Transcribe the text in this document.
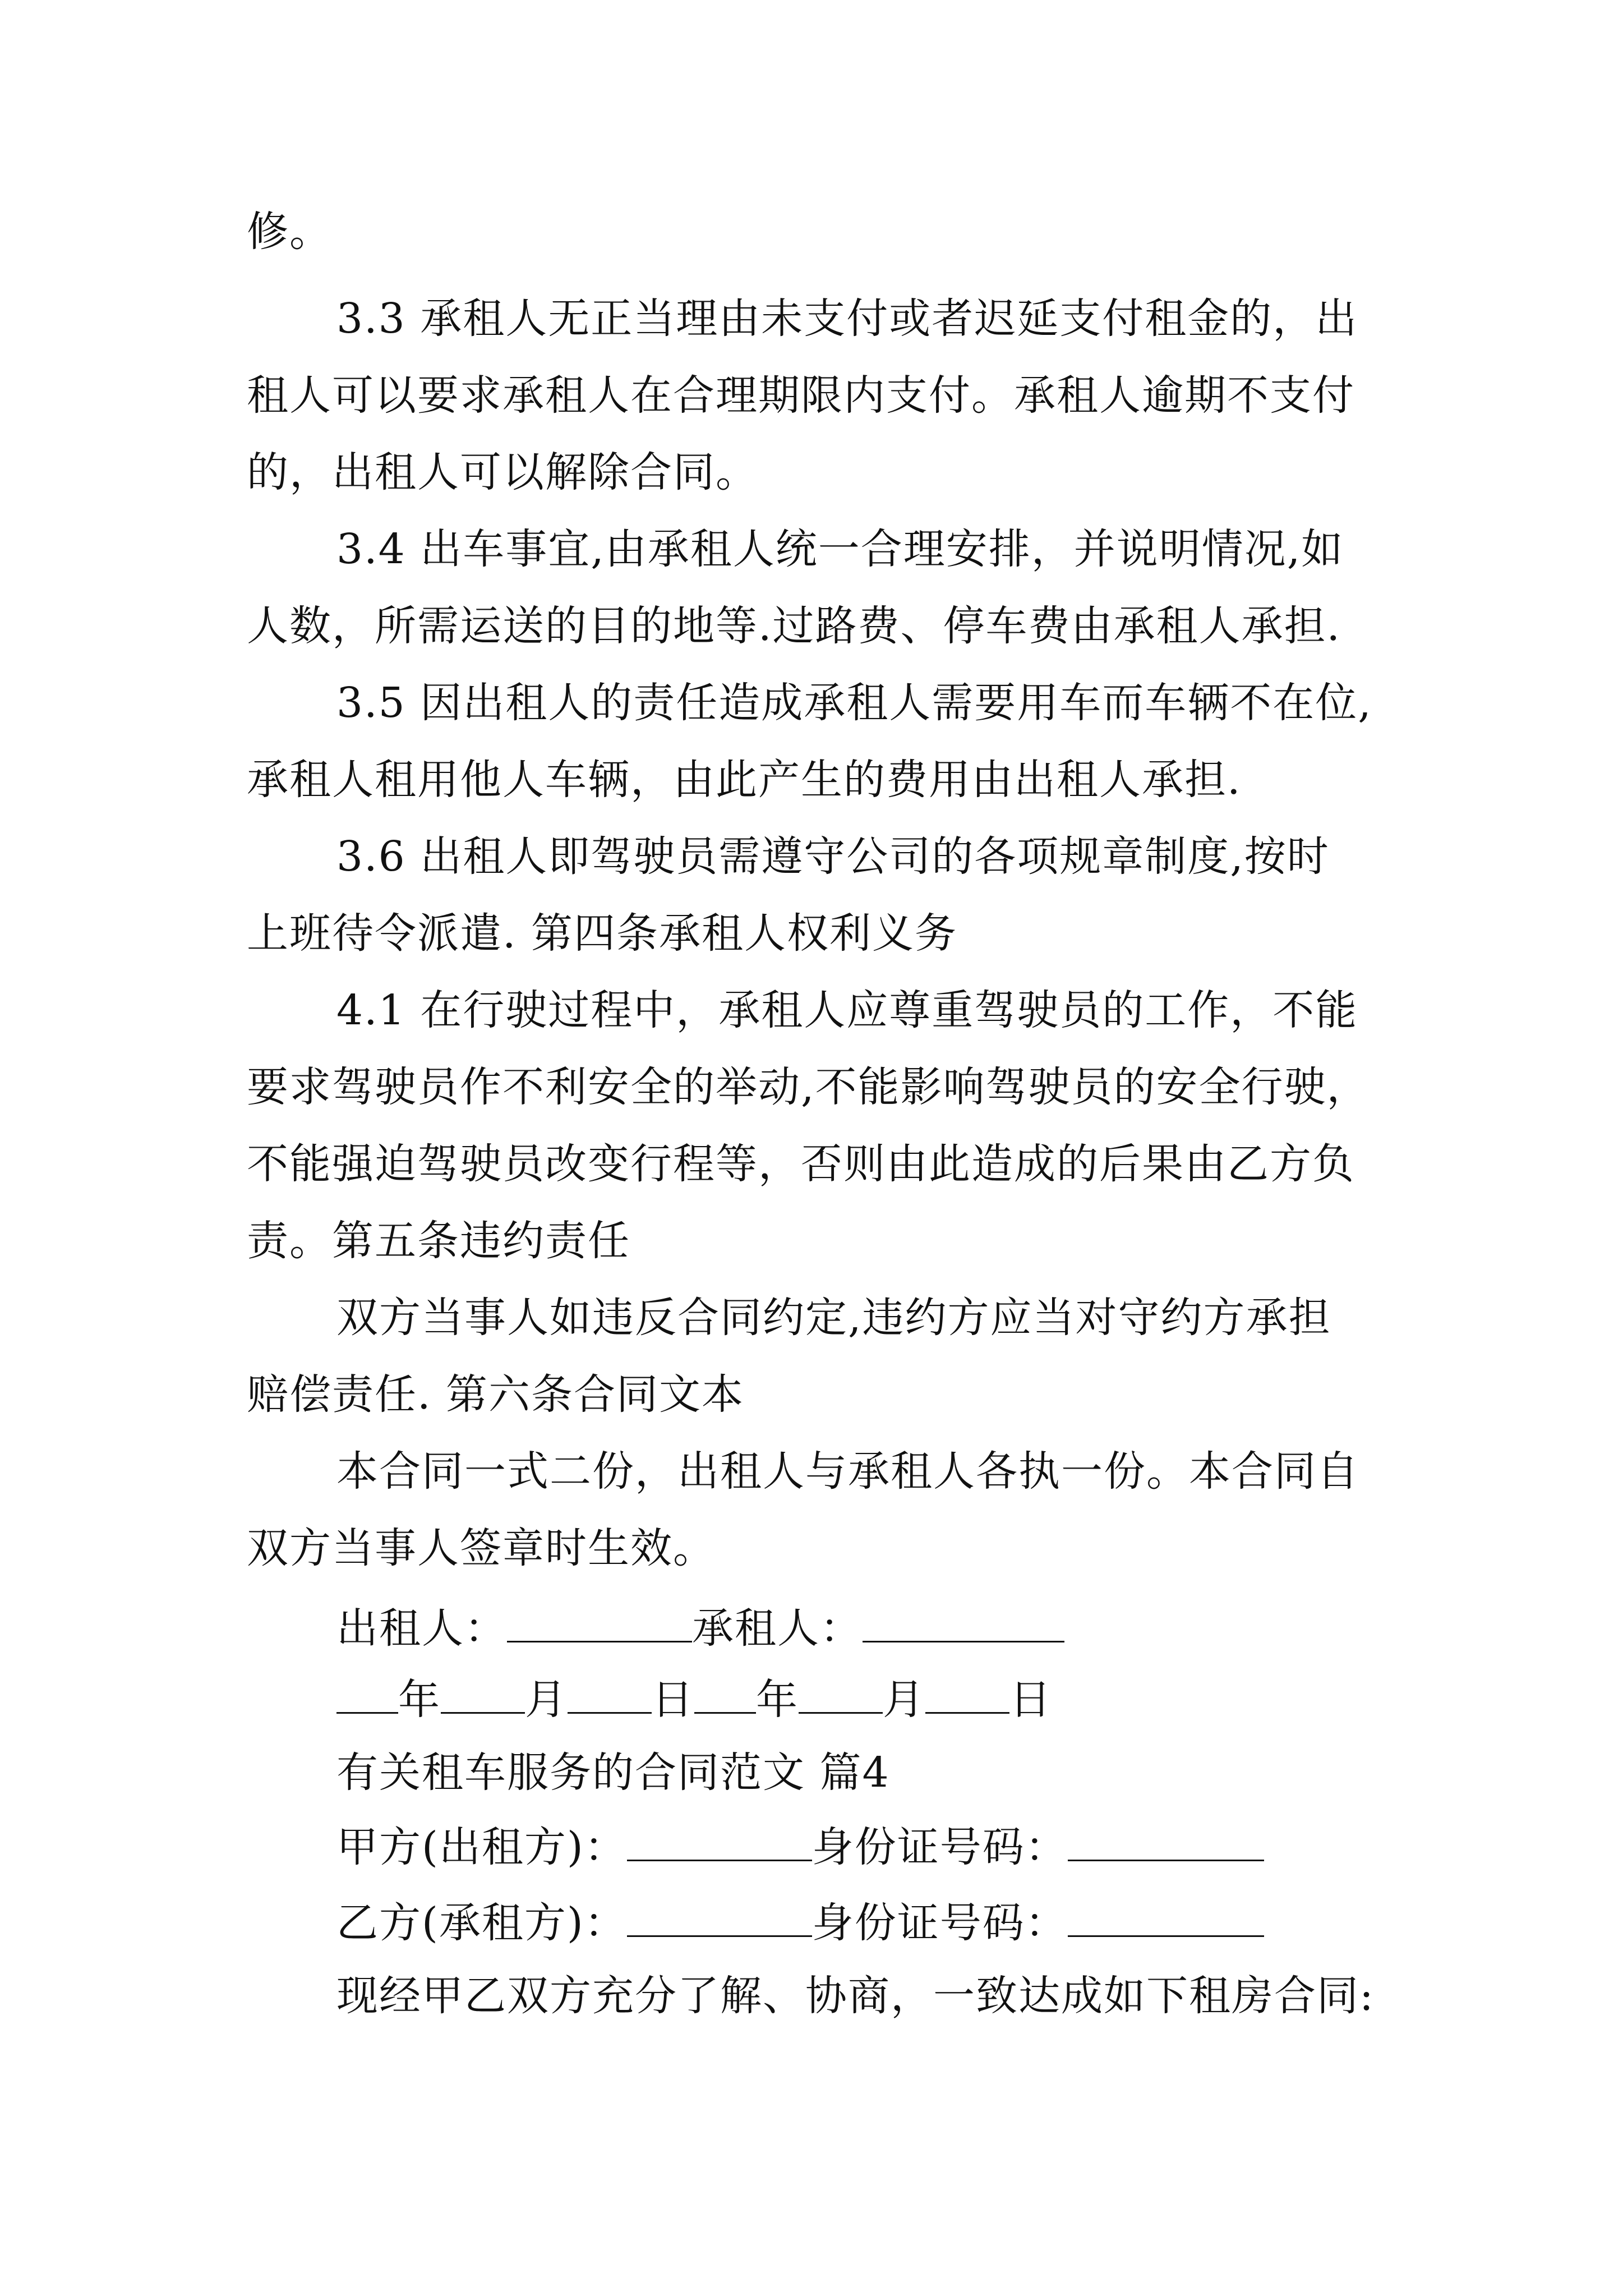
修。
3.3 承租人无正当理由未支付或者迟延支付租金的，出
租人可以要求承租人在合理期限内支付。承租人逾期不支付
的，出租人可以解除合同。
3.4 出车事宜,由承租人统一合理安排，并说明情况,如
人数，所需运送的目的地等.过路费、停车费由承租人承担.
3.5 因出租人的责任造成承租人需要用车而车辆不在位,
承租人租用他人车辆，由此产生的费用由出租人承担.
3.6 出租人即驾驶员需遵守公司的各项规章制度,按时
上班待令派遣. 第四条承租人权利义务
4.1 在行驶过程中，承租人应尊重驾驶员的工作，不能
要求驾驶员作不利安全的举动,不能影响驾驶员的安全行驶，
不能强迫驾驶员改变行程等，否则由此造成的后果由乙方负
责。第五条违约责任
双方当事人如违反合同约定,违约方应当对守约方承担
赔偿责任. 第六条合同文本
本合同一式二份，出租人与承租人各执一份。本合同自
双方当事人签章时生效。
出租人：	承租人：
年 月 日 年 月 日
有关租车服务的合同范文 篇4
甲方(出租方)：	身份证号码：
乙方(承租方)：	身份证号码：
现经甲乙双方充分了解、协商，一致达成如下租房合同:
